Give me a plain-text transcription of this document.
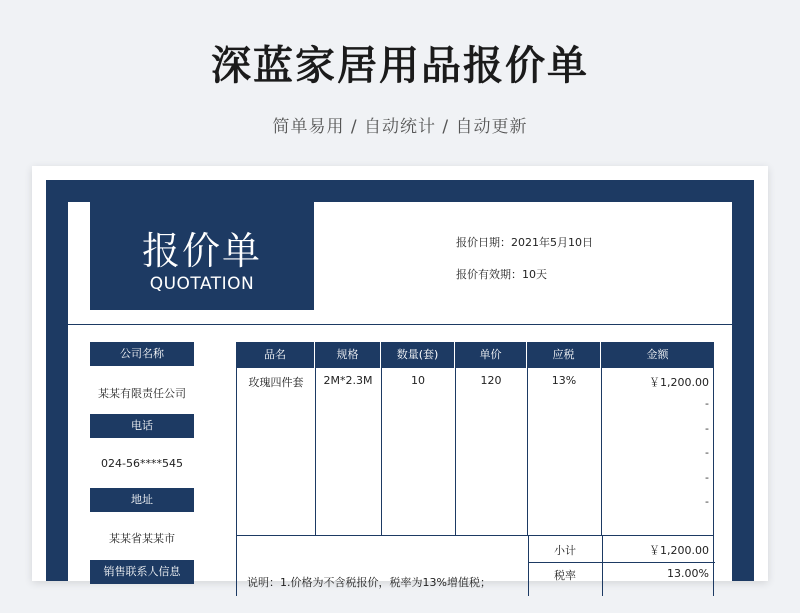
深蓝家居用品报价单
简单易用 / 自动统计 / 自动更新
报价单
QUOTATION
报价日期：2021年5月10日
报价有效期：10天
公司名称
某某有限责任公司
电话
024-56****545
地址
某某省某某市
销售联系人信息
品名	规格	数量(套)	单价	应税	金额
玫瑰四件套	2M*2.3M	10	120	13%	￥1,200.00
-
-
-
-
-
小计	￥1,200.00
税率	13.00%
说明：1.价格为不含税报价，税率为13%增值税；
